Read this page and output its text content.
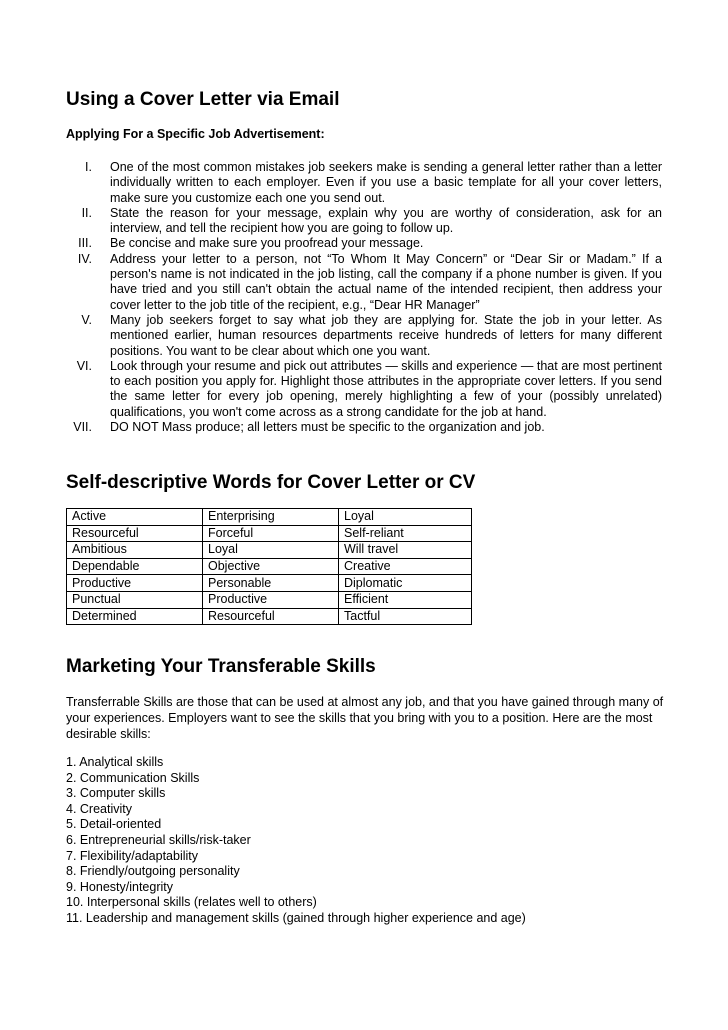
Using a Cover Letter via Email

Applying For a Specific Job Advertisement:

I. One of the most common mistakes job seekers make is sending a general letter rather than a letter individually written to each employer. Even if you use a basic template for all your cover letters, make sure you customize each one you send out.
II. State the reason for your message, explain why you are worthy of consideration, ask for an interview, and tell the recipient how you are going to follow up.
III. Be concise and make sure you proofread your message.
IV. Address your letter to a person, not “To Whom It May Concern” or “Dear Sir or Madam.” If a person's name is not indicated in the job listing, call the company if a phone number is given. If you have tried and you still can't obtain the actual name of the intended recipient, then address your cover letter to the job title of the recipient, e.g., “Dear HR Manager”
V. Many job seekers forget to say what job they are applying for. State the job in your letter. As mentioned earlier, human resources departments receive hundreds of letters for many different positions. You want to be clear about which one you want.
VI. Look through your resume and pick out attributes — skills and experience — that are most pertinent to each position you apply for. Highlight those attributes in the appropriate cover letters. If you send the same letter for every job opening, merely highlighting a few of your (possibly unrelated) qualifications, you won't come across as a strong candidate for the job at hand.
VII. DO NOT Mass produce; all letters must be specific to the organization and job.
Self-descriptive Words for Cover Letter or CV
Active	Enterprising	Loyal
Resourceful	Forceful	Self-reliant
Ambitious	Loyal	Will travel
Dependable	Objective	Creative
Productive	Personable	Diplomatic
Punctual	Productive	Efficient
Determined	Resourceful	Tactful
Marketing Your Transferable Skills

Transferrable Skills are those that can be used at almost any job, and that you have gained through many of your experiences. Employers want to see the skills that you bring with you to a position. Here are the most desirable skills:

1. Analytical skills
2. Communication Skills
3. Computer skills
4. Creativity
5. Detail-oriented
6. Entrepreneurial skills/risk-taker
7. Flexibility/adaptability
8. Friendly/outgoing personality
9. Honesty/integrity
10. Interpersonal skills (relates well to others)
11. Leadership and management skills (gained through higher experience and age)
